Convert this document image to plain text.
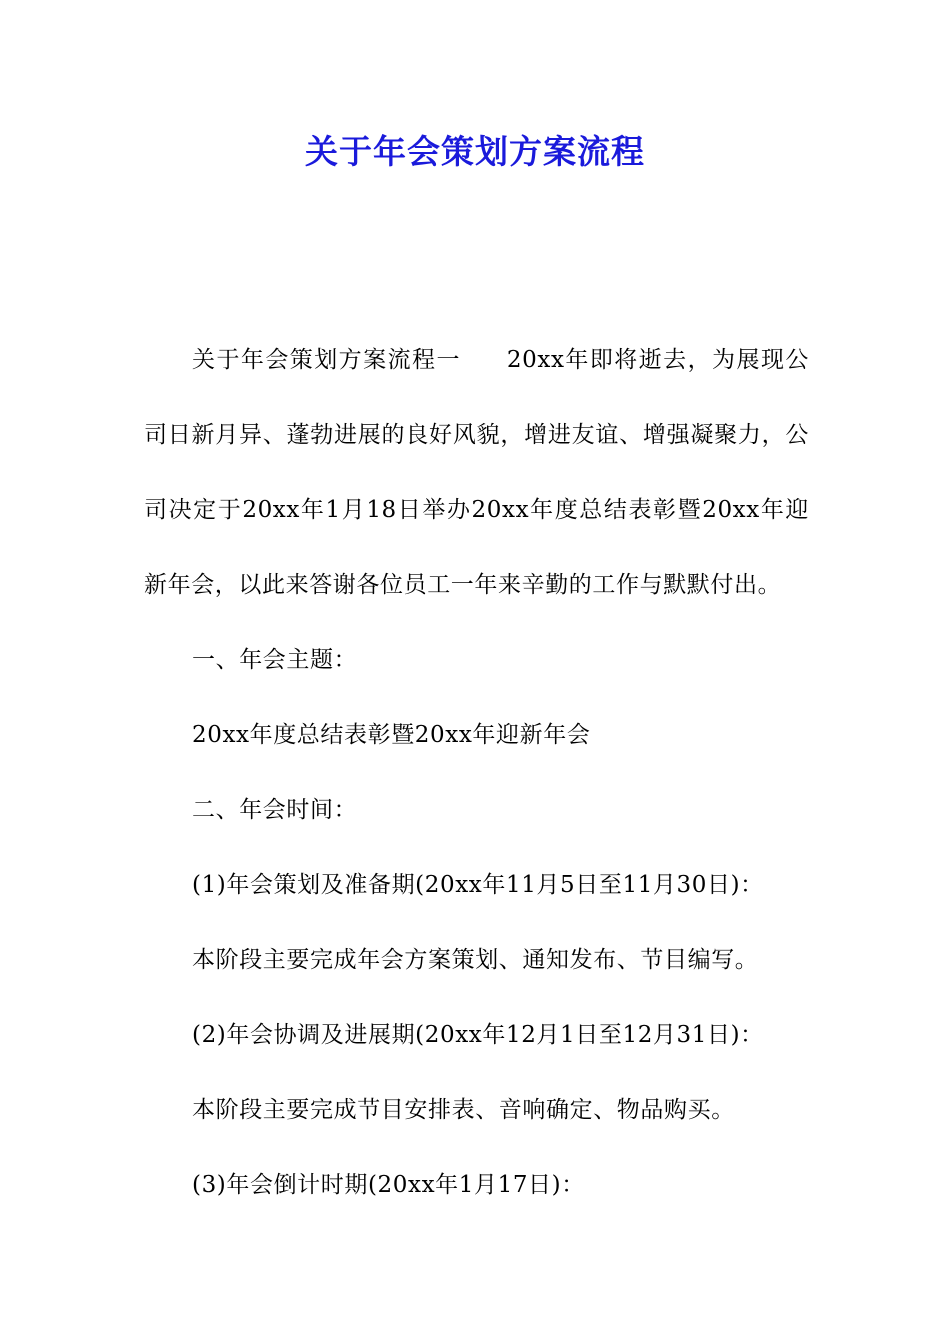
关于年会策划方案流程

关于年会策划方案流程一 20xx年即将逝去，为展现公司日新月异、蓬勃进展的良好风貌，增进友谊、增强凝聚力，公司决定于20xx年1月18日举办20xx年度总结表彰暨20xx年迎新年会，以此来答谢各位员工一年来辛勤的工作与默默付出。

一、年会主题：

20xx年度总结表彰暨20xx年迎新年会

二、年会时间：

(1)年会策划及准备期(20xx年11月5日至11月30日)：

本阶段主要完成年会方案策划、通知发布、节目编写。

(2)年会协调及进展期(20xx年12月1日至12月31日)：

本阶段主要完成节目安排表、音响确定、物品购买。

(3)年会倒计时期(20xx年1月17日)：
